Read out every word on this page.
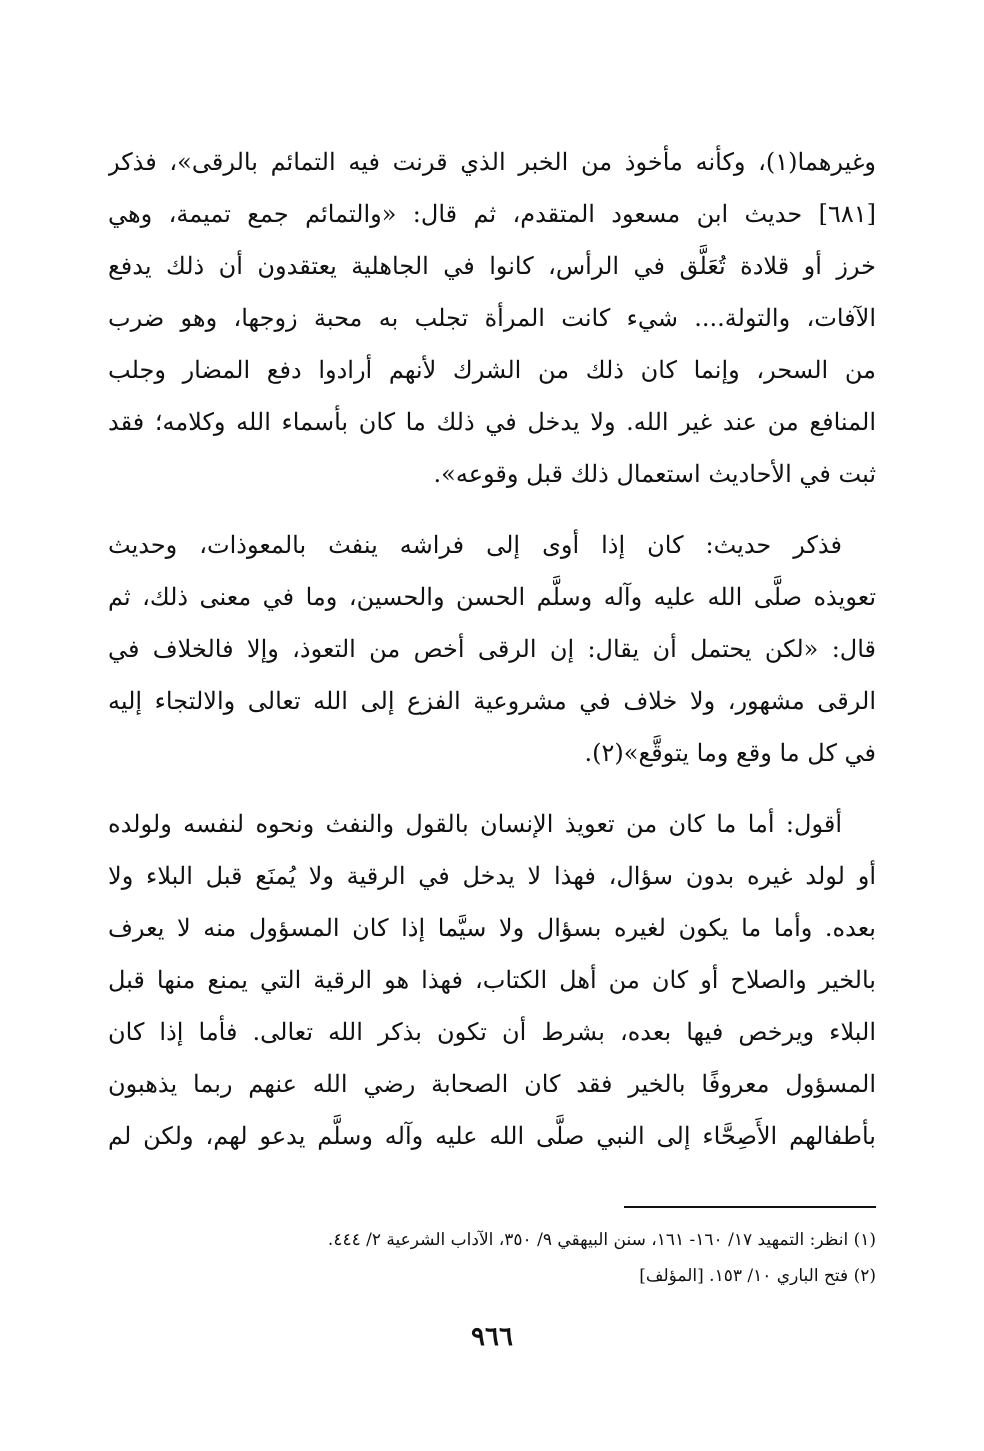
وغيرهما(١)، وكأنه مأخوذ من الخبر الذي قرنت فيه التمائم بالرقى»، فذكر
[٦٨١] حديث ابن مسعود المتقدم، ثم قال: «والتمائم جمع تميمة، وهي
خرز أو قلادة تُعَلَّق في الرأس، كانوا في الجاهلية يعتقدون أن ذلك يدفع
الآفات، والتولة.... شيء كانت المرأة تجلب به محبة زوجها، وهو ضرب
من السحر، وإنما كان ذلك من الشرك لأنهم أرادوا دفع المضار وجلب
المنافع من عند غير الله. ولا يدخل في ذلك ما كان بأسماء الله وكلامه؛ فقد
ثبت في الأحاديث استعمال ذلك قبل وقوعه».
فذكر حديث: كان إذا أوى إلى فراشه ينفث بالمعوذات، وحديث
تعويذه صلَّى الله عليه وآله وسلَّم الحسن والحسين، وما في معنى ذلك، ثم
قال: «لكن يحتمل أن يقال: إن الرقى أخص من التعوذ، وإلا فالخلاف في
الرقى مشهور، ولا خلاف في مشروعية الفزع إلى الله تعالى والالتجاء إليه
في كل ما وقع وما يتوقَّع»(٢).
أقول: أما ما كان من تعويذ الإنسان بالقول والنفث ونحوه لنفسه ولولده
أو لولد غيره بدون سؤال، فهذا لا يدخل في الرقية ولا يُمنَع قبل البلاء ولا
بعده. وأما ما يكون لغيره بسؤال ولا سيَّما إذا كان المسؤول منه لا يعرف
بالخير والصلاح أو كان من أهل الكتاب، فهذا هو الرقية التي يمنع منها قبل
البلاء ويرخص فيها بعده، بشرط أن تكون بذكر الله تعالى. فأما إذا كان
المسؤول معروفًا بالخير فقد كان الصحابة رضي الله عنهم ربما يذهبون
بأطفالهم الأَصِحَّاء إلى النبي صلَّى الله عليه وآله وسلَّم يدعو لهم، ولكن لم
(١) انظر: التمهيد ١٧/ ١٦٠- ١٦١، سنن البيهقي ٩/ ٣٥٠، الآداب الشرعية ٢/ ٤٤٤.
(٢) فتح الباري ١٠/ ١٥٣. [المؤلف]
٩٦٦
